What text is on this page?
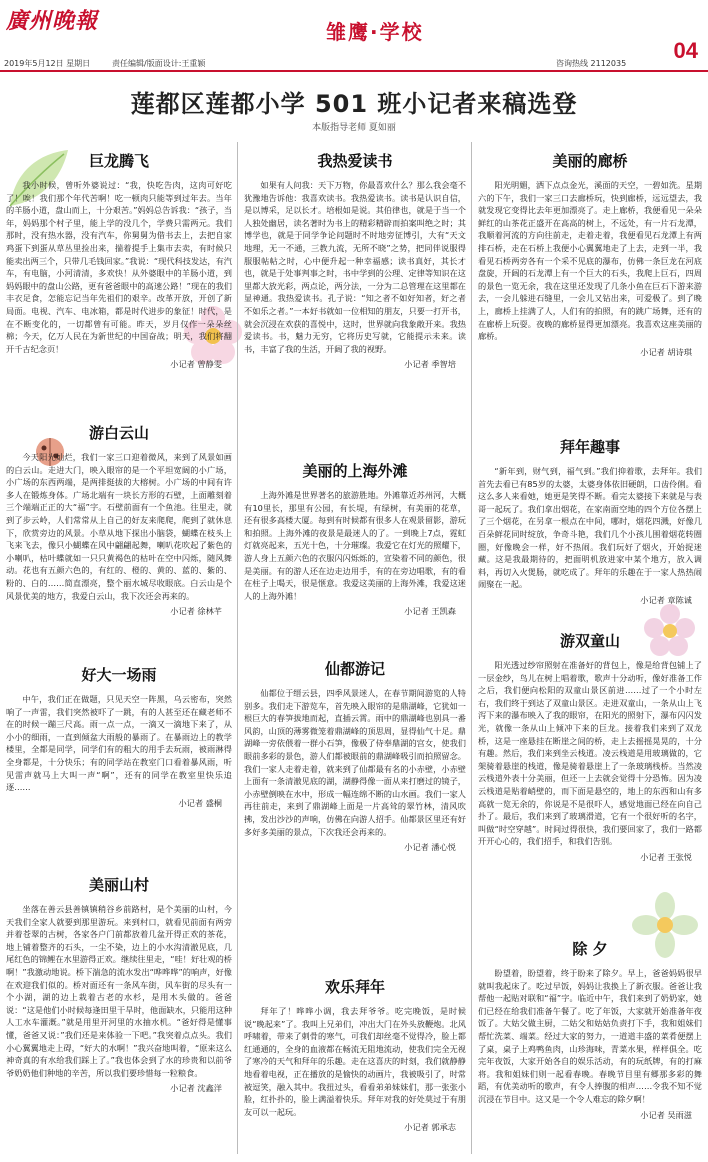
廣州晚報	雏鹰·学校
04
2019年5月12日 星期日	责任编辑/版面设计:王重颖	咨询热线 2112035
莲都区莲都小学 501 班小记者来稿选登
本版指导老师 夏如丽
巨龙腾飞

我小时候，曾听外婆说过：“我，快吃告肉，这肉可好吃了！唉！我们那个年代苦啊！吃一顿肉只能等到过年去。当年的羊肠小道，盘山而上，十分艰苦。”妈妈总告诉我：“孩子，当年，妈妈那个村子里，能上学的没几个，学费只需两元。我们那时，没有热水器，没有汽车，你舅舅为借书去上，去把自家鸡蛋下到蛋从草丛里捡出来，揣着提手上集市去卖，有时候只能卖出两三个，只带几毛钱回家。”我说：“现代科技发达，有汽车，有电脑，小河清清，多欢快！从外婆眼中的羊肠小道，到妈妈眼中的盘山公路，更有爸爸眼中的高速公路！”现在的我们丰衣足食，怎能忘记当年先祖们的艰辛。改革开放，开创了新局面。电视、汽车、电冰箱，都是时代进步的象征！时代，是在不断变化的，一切都曾有可能。昨天，岁月仅作一朵朵丝棉；今天，亿万人民在为新世纪的中国奋战；明天，我们将翻开千古纪念页！

小记者 曾静雯
游白云山

今天阳光灿烂，我们一家三口迎着微风，来到了风景如画的白云山。走进大门，映入眼帘的是一个平坦宽阔的小广场，小广场的东西两端，是两排挺拔的大榕树。小广场的中间有许多人在锻炼身体。广场北端有一块长方形的石壁，上面雕刻着三个端端正正的大“福”字。石壁前面有一个鱼池。往里走，就到了步云岭，人们常常从上自己的好友来爬爬，爬到了就休息下，欣赏旁边的风景。小草从地下探出小脑袋，蝴蝶在枝头上飞来飞去，像只小蝴蝶在风中翩翩起舞，喇叭花吹起了紫色的小喇叭，枯叶蝶就如一只只黄褐色的枯叶在空中闪烁，随风舞动。花也有五颜六色的，有红的、橙的、黄的、蓝的、紫的、粉的、白的……简直漂亮，整个丽水城尽收眼底。白云山是个风景优美的地方，我爱白云山，我下次还会再来的。

小记者 徐林芊
好大一场雨

中午，我们正在做题，只见天空一阵黑，乌云密布，突然响了一声雷，我们突然被吓了一跳，有的人甚至还在藏老师不在的时候一蹦三尺高。雨一点一点，一滴又一滴地下来了，从小小的细雨，一直到倾盆大雨般的暴雨了。在暴雨边上的教学楼里，全都是同学，同学们有的粗大的用手去玩雨，被雨淋得全身都是，十分快乐；有的同学站在教室门口看着暴风雨，听见雷声就马上大叫一声“啊”，还有的同学在教室里快乐追逐……

小记者 盛桐
美丽山村

坐落在善云县善镇镇稍谷乡前路村，是个美丽的山村，今天我们全家人就要到那里游玩。来到村口，就看见前面有两旁并着苍翠的古树，各家各户门前都放着几盆开得正欢的茶花，地上铺着整齐的石头，一尘不染，边上的小水沟清澈见底，几尾红色的锦鲤在水里游得正欢。继续往里走，“哇！好壮观的桥啊！”我激动地说。桥下湍急的流水发出“哗哗哗”的响声，好像在欢迎我们似的。桥对面还有一条风车街，风车街的尽头有一个小湖，湖的边上栽着古老的水杉，是用木头做的。爸爸说：“这是他们小时候每逢田里干旱时，他面缺水，只能用这种人工水车灌溉。”就是用里开河里的水抽水机。“爸好得是懂事懂，爸爸又说：”我们还是来体验一下吧。”我突着点点头。我们小心翼翼地走上碍，“好大的水啊！”我兴奋地叫着，“原来这么神奇真的有水给我们踩上了。”我也体会到了水的珍贵和以前爷爷奶奶他们种地的辛苦，所以我们要珍惜每一粒粮食。

小记者 沈鑫洋
我热爱读书

如果有人问我：天下万物，你最喜欢什么？那么我会毫不犹豫地告诉他：我喜欢读书。我热爱读书。读书是认识自信，是以博采，足以长才。培根如是说。其伯律也，就是于当一个人独处幽居，读名著时为书上的精彩精辟而拍案叫绝之时；其博学也，就是于同学争论问题时不时地旁征博引，大有“天文地理，无一不通，三教九流，无所不晓”之势，把同伴说服得服服帖帖之时，心中便升起一种幸福感；读书真好，其长才也，就是于处事判事之时，书中学到的公理、定律等知识在这里都大放光彩，两点论，两分法，一分为二总管理在这里都在显神通。我热爱读书。孔子说：“知之者不如好知者，好之者不如乐之者。”一本好书就如一位相知的朋友，只要一打开书，就会沉浸在欢获的喜悦中，这时，世界就向我象敞开来。我热爱读书。书，魅力无穷，它将历史写就，它能提示未来。读书，丰富了我的生活，开阔了我的视野。

小记者 季智培
美丽的上海外滩

上海外滩是世界著名的旅游胜地。外滩靠近苏州河，大概有10里长，那里有公园，有长堤，有绿树，有美丽的花草，还有很多高楼大厦。每到有时候都有很多人在观景留影，游玩和拍照。上海外滩的夜景是最迷人的了。一到晚上7点，霓虹灯就亮起来，五光十色，十分璀璨。我爱它在灯光的照耀下，游人身上五颜六色的衣服闪闪烁烁的，宣染着不同的颜色，很是美丽。有的游人还在边走边用手，有的在旁边唱歌，有的看在柱子上喝天，很是惬意。我爱这美丽的上海外滩，我爱这迷人的上海外滩！

小记者 王凯森
仙都游记

仙都位于缙云县，四季风景迷人，在春节期间游览的人特别多。我们走下游览车，首先映入眼帘的是鼎湖峰，它犹如一根巨大的春笋拔地而起，直插云霄。雨中的鼎湖峰也别具一番风韵，山顶的薄雾微笼着鼎湖峰的顶思周，显得仙气十足。鼎湖峰一旁依偎着一群小石笋，像极了侍奉鼎湖的宫女，使我们眼前多彩的景色，游人们都被眼前的鼎湖峰吸引而拍照留念。我们一家人走着走着，就来到了仙都最有名的小赤壁，小赤壁上面有一条清澈见底的湖，湖静得像一面从来打磨过的镜子，小赤壁倒映在水中，形成一幅连绵不断的山水画。我们一家人再往前走，来到了鼎湖峰上面是一片高耸的翠竹林，清风吹拂，发出沙沙的声响，仿佛在向游人招手。仙都景区里还有好多好多美丽的景点，下次我还会再来的。

小记者 潘心悦
欢乐拜年

拜年了！哗哗小调，我去拜爷爷。吃完晚饭，是时候说“晚起来”了。我叫上兄弟们，冲出大门在外头放鞭炮。北风呼啸着，带来了刺骨的寒气，可我们却丝毫不觉得冷，脸上都红通通的，全身的血液都在畅流无阻地流动，使我们完全无视了寒冷的天气和拜年的乐趣。走在这喜庆的时刻，我们就静静地看着电视，正在播放的是愉快的动画片，我被吸引了，时常被逗笑，融入其中。我扭过头，看看弟弟妹妹们，那一张张小脸，红扑扑的，脸上满溢着快乐。拜年对我的好处莫过于有朋友可以一起玩。

小记者 郭承志
美丽的廊桥

阳光明媚，洒下点点金光，溪面的天空，一碧如洗。星期六的下午，我们一家三口去廊桥玩，快到廊桥，远远望去，我就发现它变得比去年更加漂亮了。走上廊桥，我便看见一朵朵鲜红的山茶花正盛开在高高的树上，不远处，有一片石龙潭，我顺着河流的方向往前走，走着走着，我便看见石龙潭上有两排石桥，走在石桥上我便小心翼翼地走了上去，走到一半，我看见石桥两旁各有一个采不见底的瀑布，仿佛一条巨龙在河底盘旋，开阔的石龙潭上有一个巨大的石头，我爬上巨石，四周的景色一览无余，我在这里还发现了几条小鱼在巨石下游来游去，一会儿躲进石缝里，一会儿又钻出来，可爱极了。到了晚上，廊桥上挂满了人，人们有的拍照，有的跳广场舞，还有的在廊桥上玩耍。夜晚的廊桥显得更加漂亮。我喜欢这座美丽的廊桥。

小记者 胡诗琪
拜年趣事

“新年到，财气到，福气到。”我们抑着歌，去拜年。我们首先去看已有85岁的太婆，太婆身体依旧硬朗，口齿伶俐。看这么多人来看她，她更是笑得不断。看完太婆接下来就是与表哥一起玩了。我们拿出烟花，在家南面空地的四个方位各摆上了三个烟花，在另拿一根点在中间，哪时，烟花四溅，好像几百朵鲜花同时绽放，争奇斗艳，我们几个小孩儿围着烟花转圈圈，好像晚会一样，好不热闹。我们玩好了烟火，开始捉迷藏。这是我最期待的，把面明机放进家中某个地方，放入调料，再切入火煲肠，就吃成了。拜年的乐趣在于一家人热热闹闹聚在一起。

小记者 章陈诚
游双童山

阳光透过纱帘照射在准备好的背包上，像是给背包铺上了一层金纱，鸟儿在树上唱着歌，歌声十分动听，像好准备工作之后，我们便向松阳的双童山景区前进……过了一个小时左右，我们终于到达了双童山景区。走进双童山，一条从山上飞泻下来的瀑布映入了我的眼帘，在阳光的照射下，瀑布闪闪发光，就像一条从山上倾冲下来的巨龙。接着我们来到了双龙桥，这是一座悬挂在断崖之间的桥，走上去摇摇晃晃的，十分有趣。然后，我们来到坐云栈道。凌云栈道是用玻璃做的，它架骑着悬崖的栈道，像是骑着悬崖上了一条玻璃栈桥。当然凌云栈道外表十分美丽，但还一上去就会觉得十分恐怖。因为凌云栈道是贴着峭壁的，而下面是悬空的，地上的东西和山有多高就一览无余的，你说是不是很吓人，感觉地面已经在向自己扑了。最后，我们来到了玻璃滑道，它有一个很好听的名字，叫做“时空穿越”。时间过得很快，我们要回家了，我们一路都开开心心的，我们招手，和我们告别。

小记者 王张悦
除 夕

盼望着，盼望着，终于盼来了除夕。早上，爸爸妈妈很早就叫我起床了。吃过早饭，妈妈让我换上了新衣服。爸爸让我帮他一起贴对联和“福”字。临近中午，我们来到了奶奶家，她们已经在给我们准备午餐了。吃了年饭，大家就开始准备年夜饭了。大姑父做主厨，二姑父和姑姑负责打下手，我和姐妹们帮忙洗菜、端菜。经过大家的努力，一道道丰盛的菜肴便摆上了桌，桌子上鸡鸭鱼肉，山珍海味，青菜水果，样样俱全。吃完年夜饭，大家开始各自的娱乐活动，有的玩纸牌，有的打麻将。我和姐妹们则一起看春晚。春晚节目里有郷那多彩的舞蹈，有优美动听的歌声，有令人捧腹的相声……令我不知不觉沉浸在节目中。这又是一个令人难忘的除夕啊！

小记者 吴雨滋
